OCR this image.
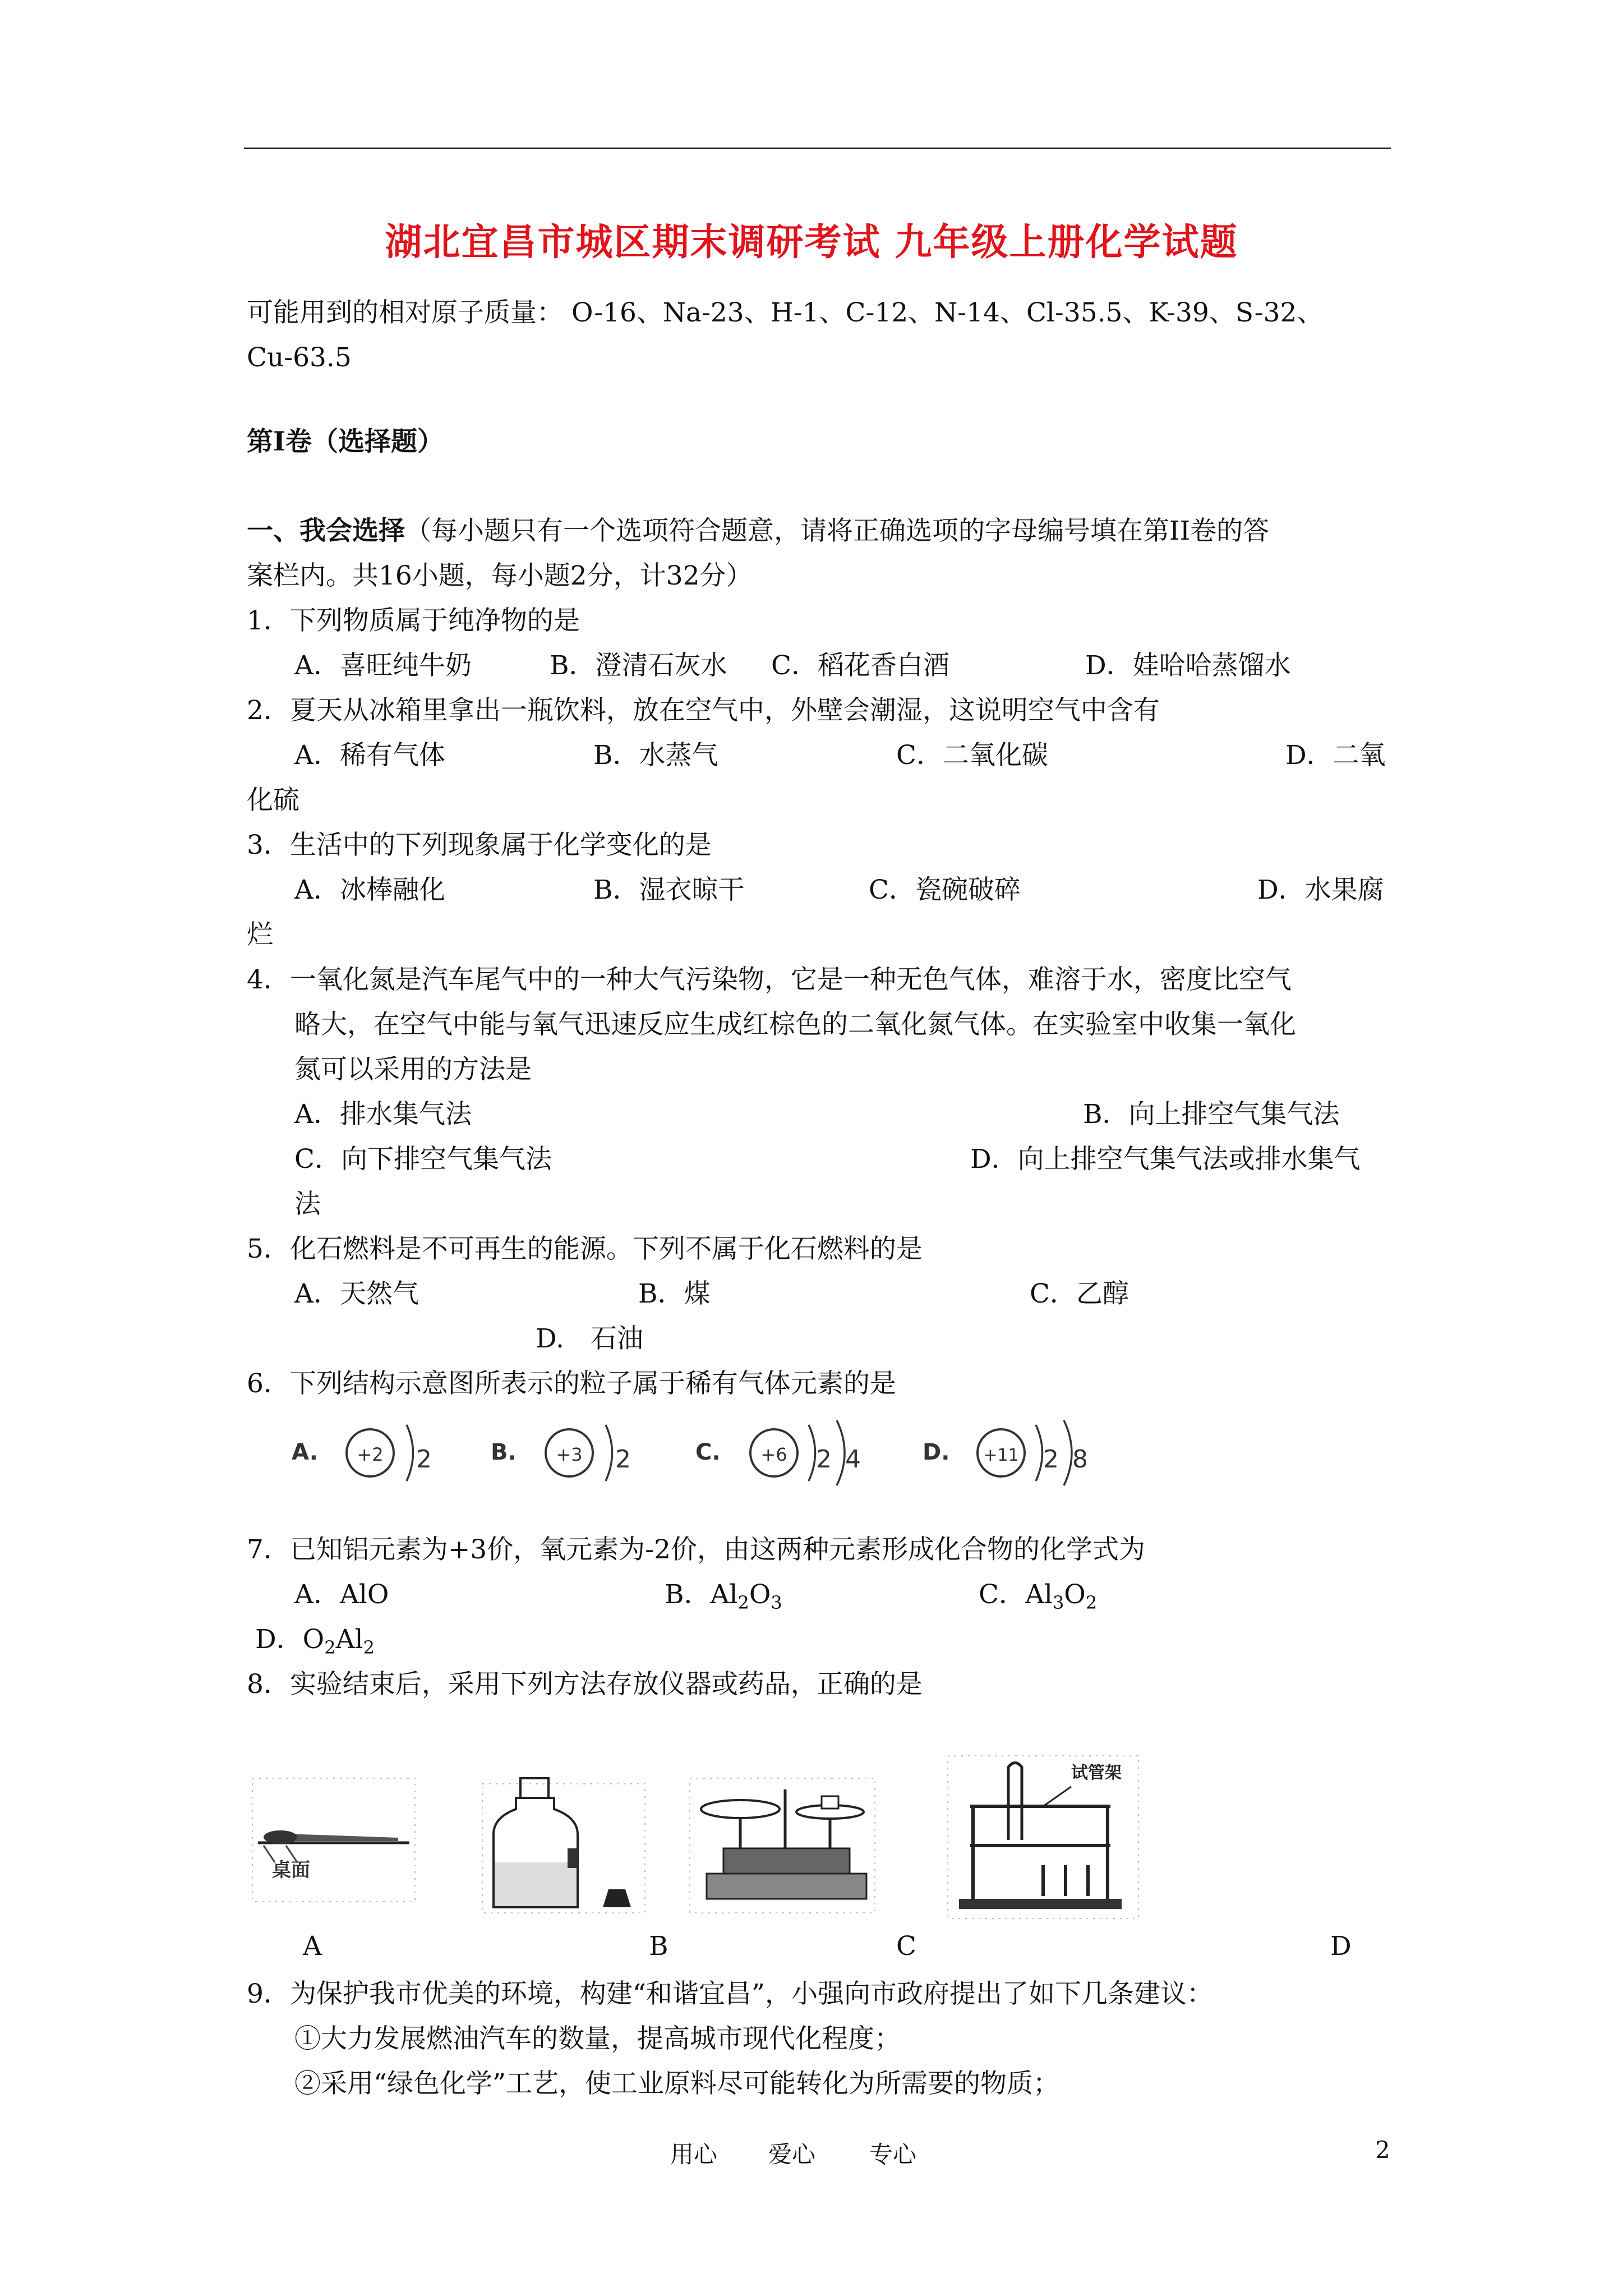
湖北宜昌市城区期末调研考试 九年级上册化学试题
可能用到的相对原子质量： O-16、Na-23、H-1、C-12、N-14、Cl-35.5、K-39、S-32、
Cu-63.5
第Ⅰ卷（选择题）
一、我会选择（每小题只有一个选项符合题意，请将正确选项的字母编号填在第II卷的答
案栏内。共16小题，每小题2分，计32分）
1．下列物质属于纯净物的是
A．喜旺纯牛奶	B．澄清石灰水 C．稻花香白酒	D．娃哈哈蒸馏水
2．夏天从冰箱里拿出一瓶饮料，放在空气中，外壁会潮湿，这说明空气中含有
A．稀有气体	B．水蒸气	C．二氧化碳	D．二氧
化硫
3．生活中的下列现象属于化学变化的是
A．冰棒融化	B．湿衣晾干	C．瓷碗破碎	D．水果腐
烂
4．一氧化氮是汽车尾气中的一种大气污染物，它是一种无色气体，难溶于水，密度比空气
略大，在空气中能与氧气迅速反应生成红棕色的二氧化氮气体。在实验室中收集一氧化
氮可以采用的方法是
A．排水集气法	B．向上排空气集气法
C．向下排空气集气法	D．向上排空气集气法或排水集气
法
5．化石燃料是不可再生的能源。下列不属于化石燃料的是
A．天然气	B．煤	C．乙醇
D.　石油
6．下列结构示意图所表示的粒子属于稀有气体元素的是
A. +2 2	B. +3 2	C. +6 2 4	D. +11 2 8
7．已知铝元素为+3价，氧元素为-2价，由这两种元素形成化合物的化学式为
A．AlO	B．$Al_2O_3$	C．$Al_3O_2$
D．$O_2Al_2$
8．实验结束后，采用下列方法存放仪器或药品，正确的是
桌面
试管架
A	B	C	D
9．为保护我市优美的环境，构建“和谐宜昌”，小强向市政府提出了如下几条建议：
①大力发展燃油汽车的数量，提高城市现代化程度；
②采用“绿色化学”工艺，使工业原料尽可能转化为所需要的物质；
用心 爱心 专心	2
